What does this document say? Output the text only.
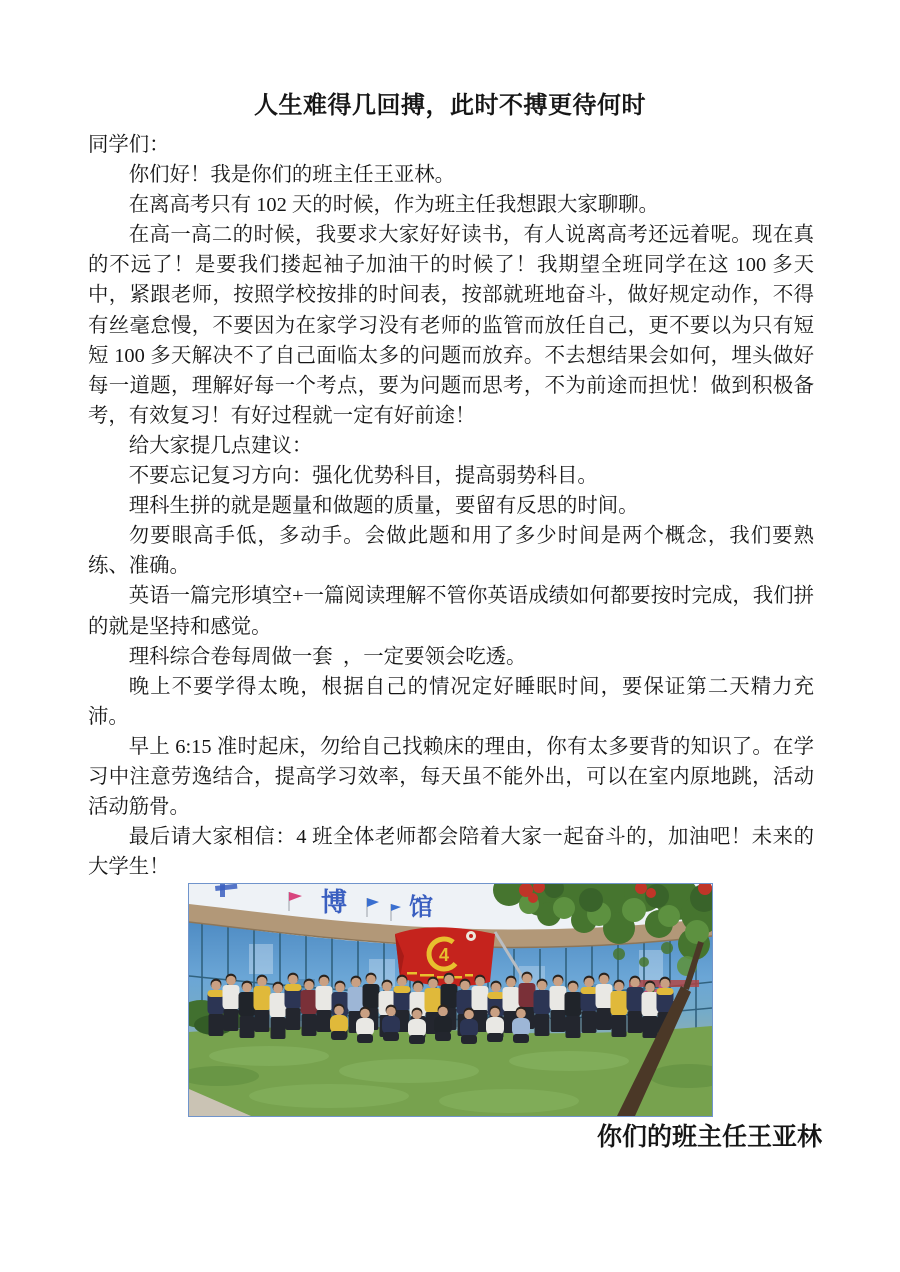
人生难得几回搏，此时不搏更待何时

同学们：

你们好！我是你们的班主任王亚林。

在离高考只有 102 天的时候，作为班主任我想跟大家聊聊。

在高一高二的时候，我要求大家好好读书，有人说离高考还远着呢。现在真的不远了！是要我们搂起袖子加油干的时候了！我期望全班同学在这 100 多天中，紧跟老师，按照学校按排的时间表，按部就班地奋斗，做好规定动作，不得有丝毫怠慢，不要因为在家学习没有老师的监管而放任自己，更不要以为只有短短 100 多天解决不了自己面临太多的问题而放弃。不去想结果会如何，埋头做好每一道题，理解好每一个考点，要为问题而思考，不为前途而担忧！做到积极备考，有效复习！有好过程就一定有好前途！

给大家提几点建议：

不要忘记复习方向：强化优势科目，提高弱势科目。

理科生拼的就是题量和做题的质量，要留有反思的时间。

勿要眼高手低，多动手。会做此题和用了多少时间是两个概念，我们要熟练、准确。

英语一篇完形填空+一篇阅读理解不管你英语成绩如何都要按时完成，我们拼的就是坚持和感觉。

理科综合卷每周做一套  ，一定要领会吃透。

晚上不要学得太晚，根据自己的情况定好睡眠时间，要保证第二天精力充沛。

早上 6:15 准时起床，勿给自己找赖床的理由，你有太多要背的知识了。在学习中注意劳逸结合，提高学习效率，每天虽不能外出，可以在室内原地跳，活动活动筋骨。

最后请大家相信：4 班全体老师都会陪着大家一起奋斗的，加油吧！未来的大学生！

博	馆
4
你们的班主任王亚林
